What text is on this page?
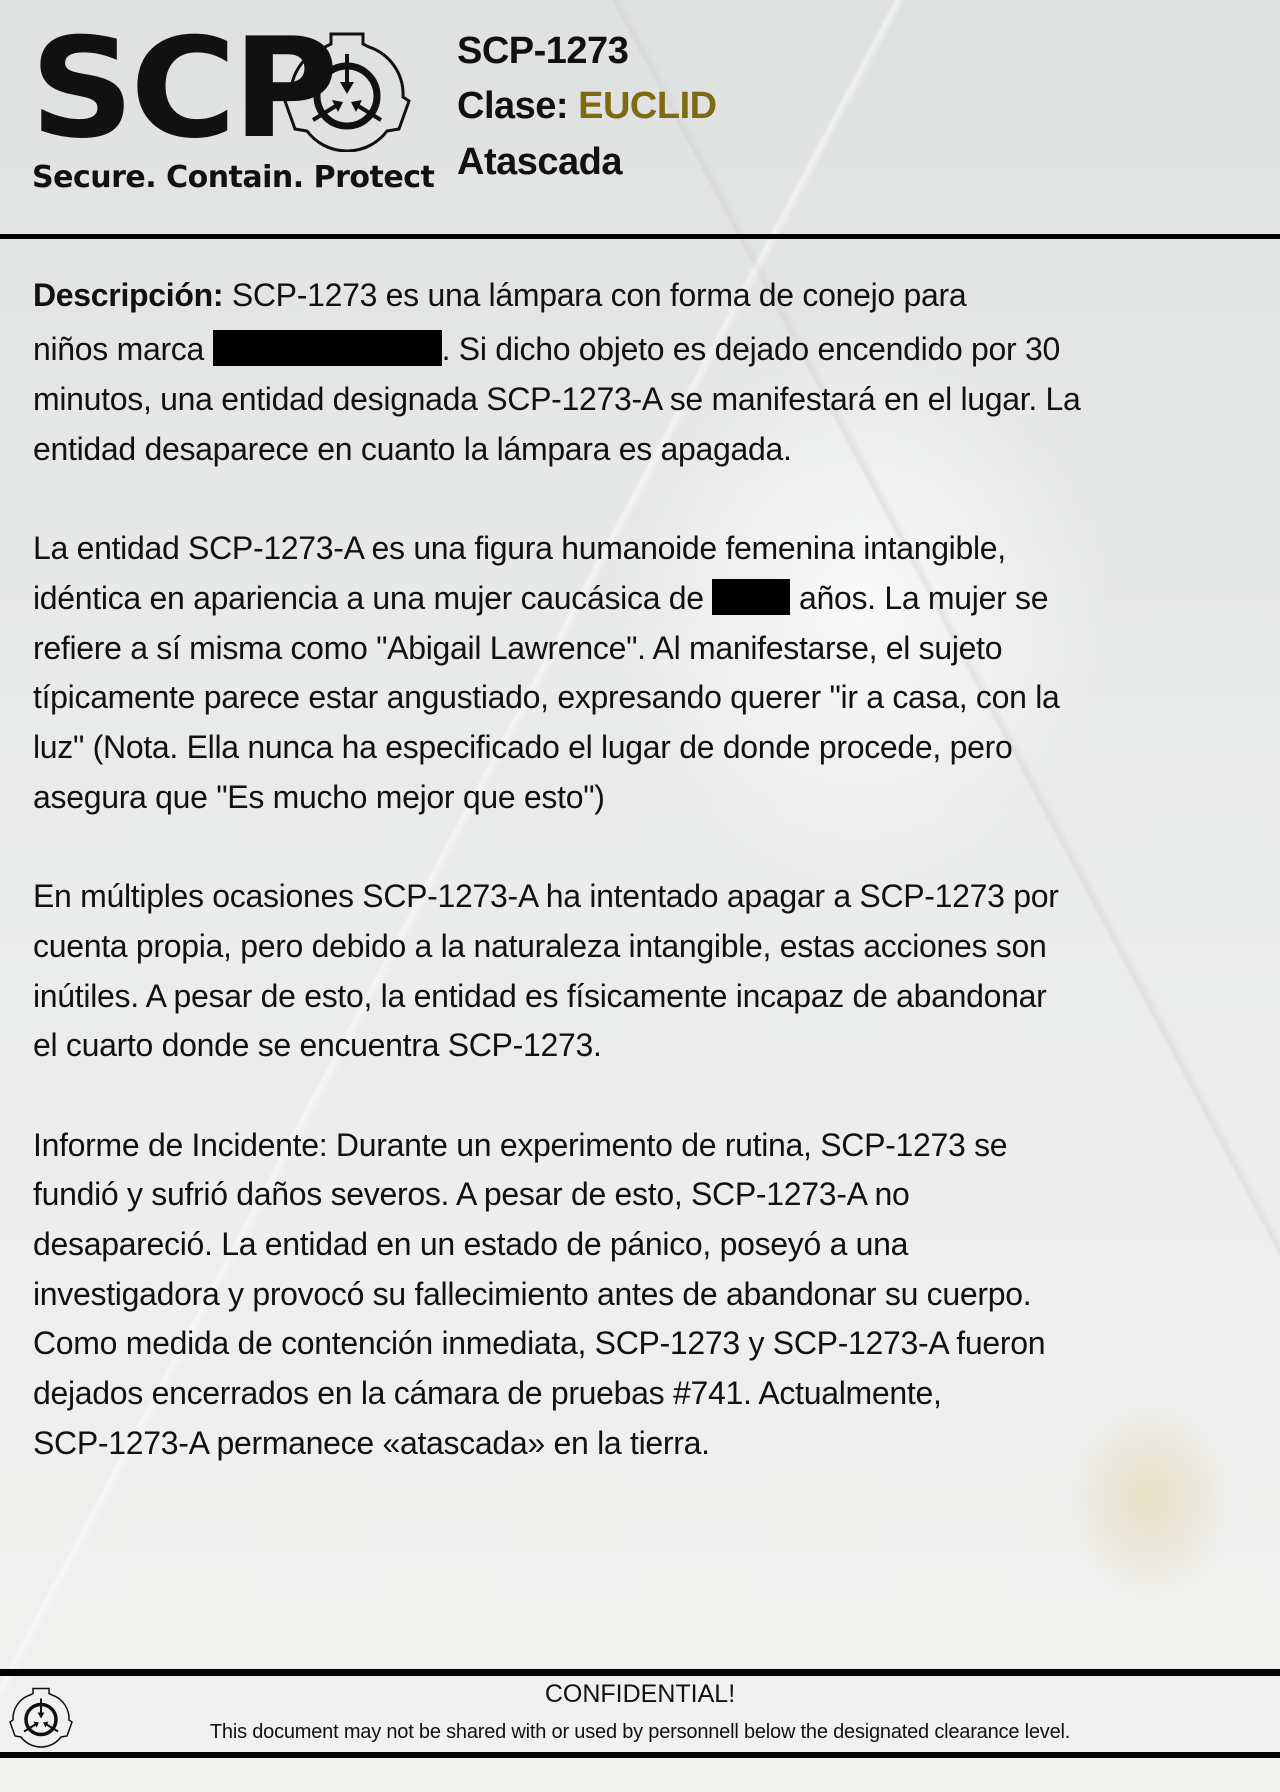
SCP
Secure. Contain. Protect
SCP-1273
Clase: EUCLID
Atascada
Descripción: SCP-1273 es una lámpara con forma de conejo para
niños marca	. Si dicho objeto es dejado encendido por 30
minutos, una entidad designada SCP-1273-A se manifestará en el lugar. La
entidad desaparece en cuanto la lámpara es apagada.
La entidad SCP-1273-A es una figura humanoide femenina intangible,
idéntica en apariencia a una mujer caucásica de  años. La mujer se
refiere a sí misma como "Abigail Lawrence". Al manifestarse, el sujeto
típicamente parece estar angustiado, expresando querer "ir a casa, con la
luz" (Nota. Ella nunca ha especificado el lugar de donde procede, pero
asegura que "Es mucho mejor que esto")
En múltiples ocasiones SCP-1273-A ha intentado apagar a SCP-1273 por
cuenta propia, pero debido a la naturaleza intangible, estas acciones son
inútiles. A pesar de esto, la entidad es físicamente incapaz de abandonar
el cuarto donde se encuentra SCP-1273.
Informe de Incidente: Durante un experimento de rutina, SCP-1273 se
fundió y sufrió daños severos. A pesar de esto, SCP-1273-A no
desapareció. La entidad en un estado de pánico, poseyó a una
investigadora y provocó su fallecimiento antes de abandonar su cuerpo.
Como medida de contención inmediata, SCP-1273 y SCP-1273-A fueron
dejados encerrados en la cámara de pruebas #741. Actualmente,
SCP-1273-A permanece «atascada» en la tierra.
CONFIDENTIAL!
This document may not be shared with or used by personnell below the designated clearance level.
